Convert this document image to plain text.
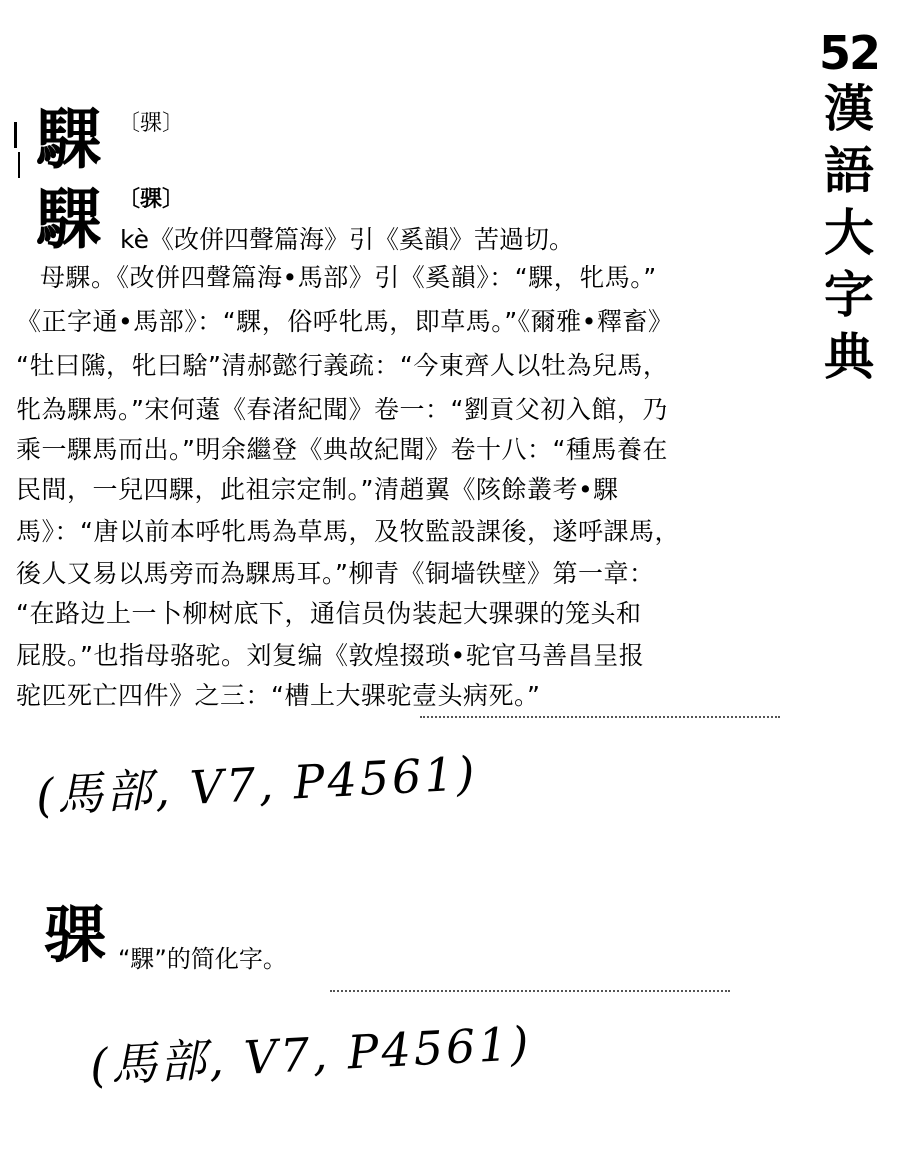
52
漢
語
大
字
典
騍 〔骒〕
騍 〔骒〕
kè《改併四聲篇海》引《奚韻》苦過切。
母騍。《改併四聲篇海•馬部》引《奚韻》：“騍，牝馬。”
《正字通•馬部》：“騍，俗呼牝馬，即草馬。”《爾雅•釋畜》
“牡曰隲，牝曰騇”清郝懿行義疏：“今東齊人以牡為兒馬，
牝為騍馬。”宋何薳《春渚紀聞》卷一：“劉貢父初入館，乃
乘一騍馬而出。”明余繼登《典故紀聞》卷十八：“種馬養在
民間，一兒四騍，此祖宗定制。”清趙翼《陔餘叢考•騍
馬》：“唐以前本呼牝馬為草馬，及牧監設課後，遂呼課馬，
後人又易以馬旁而為騍馬耳。”柳青《铜墙铁壁》第一章：
“在路边上一卜柳树底下，通信员伪装起大骒骒的笼头和
屁股。”也指母骆驼。刘复编《敦煌掇琐•驼官马善昌呈报
驼匹死亡四件》之三：“槽上大骒驼壹头病死。”
(馬部, V7, P4561)
骒 “騍”的简化字。
(馬部, V7, P4561)
